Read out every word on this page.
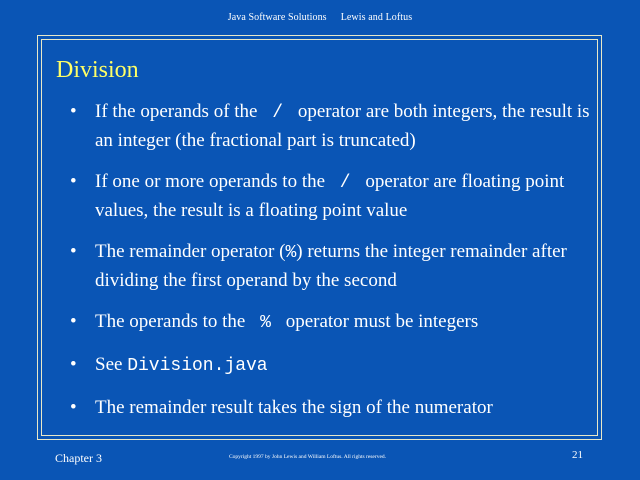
Java Software Solutions Lewis and Loftus
Division
• If the operands of the / operator are both integers, the result is an integer (the fractional part is truncated)
• If one or more operands to the / operator are floating point values, the result is a floating point value
• The remainder operator (%) returns the integer remainder after dividing the first operand by the second
• The operands to the % operator must be integers
• See Division.java
• The remainder result takes the sign of the numerator
Chapter 3	Copyright 1997 by John Lewis and William Loftus. All rights reserved.	21
